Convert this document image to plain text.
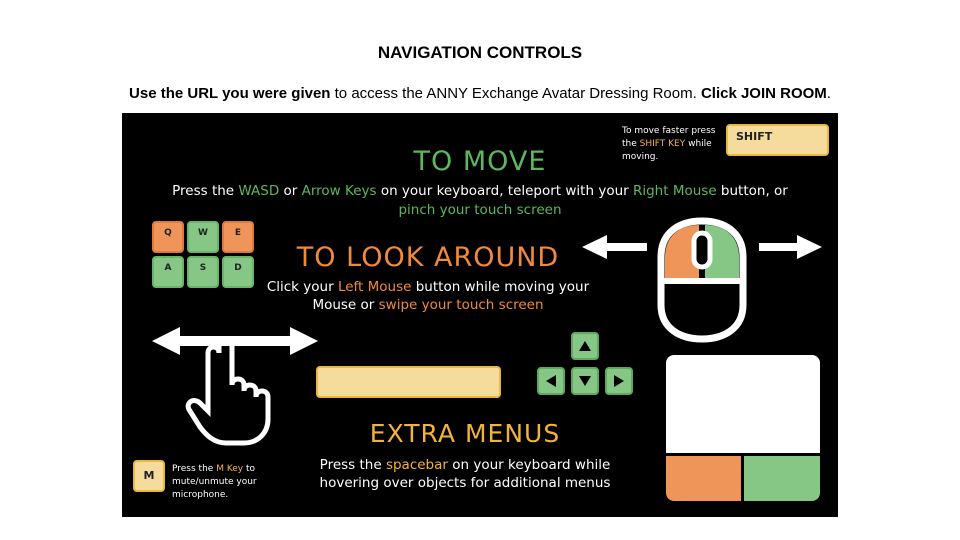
NAVIGATION CONTROLS
Use the URL you were given to access the ANNY Exchange Avatar Dressing Room. Click JOIN ROOM.
To move faster press
the SHIFT KEY while
moving.
SHIFT
TO MOVE
Press the WASD or Arrow Keys on your keyboard, teleport with your Right Mouse button, or
pinch your touch screen
Q	W	E
A	S	D	TO LOOK AROUND
Click your Left Mouse button while moving your
Mouse or swipe your touch screen
EXTRA MENUS
Press the spacebar on your keyboard while
hovering over objects for additional menus
M	Press the M Key to
mute/unmute your
microphone.
